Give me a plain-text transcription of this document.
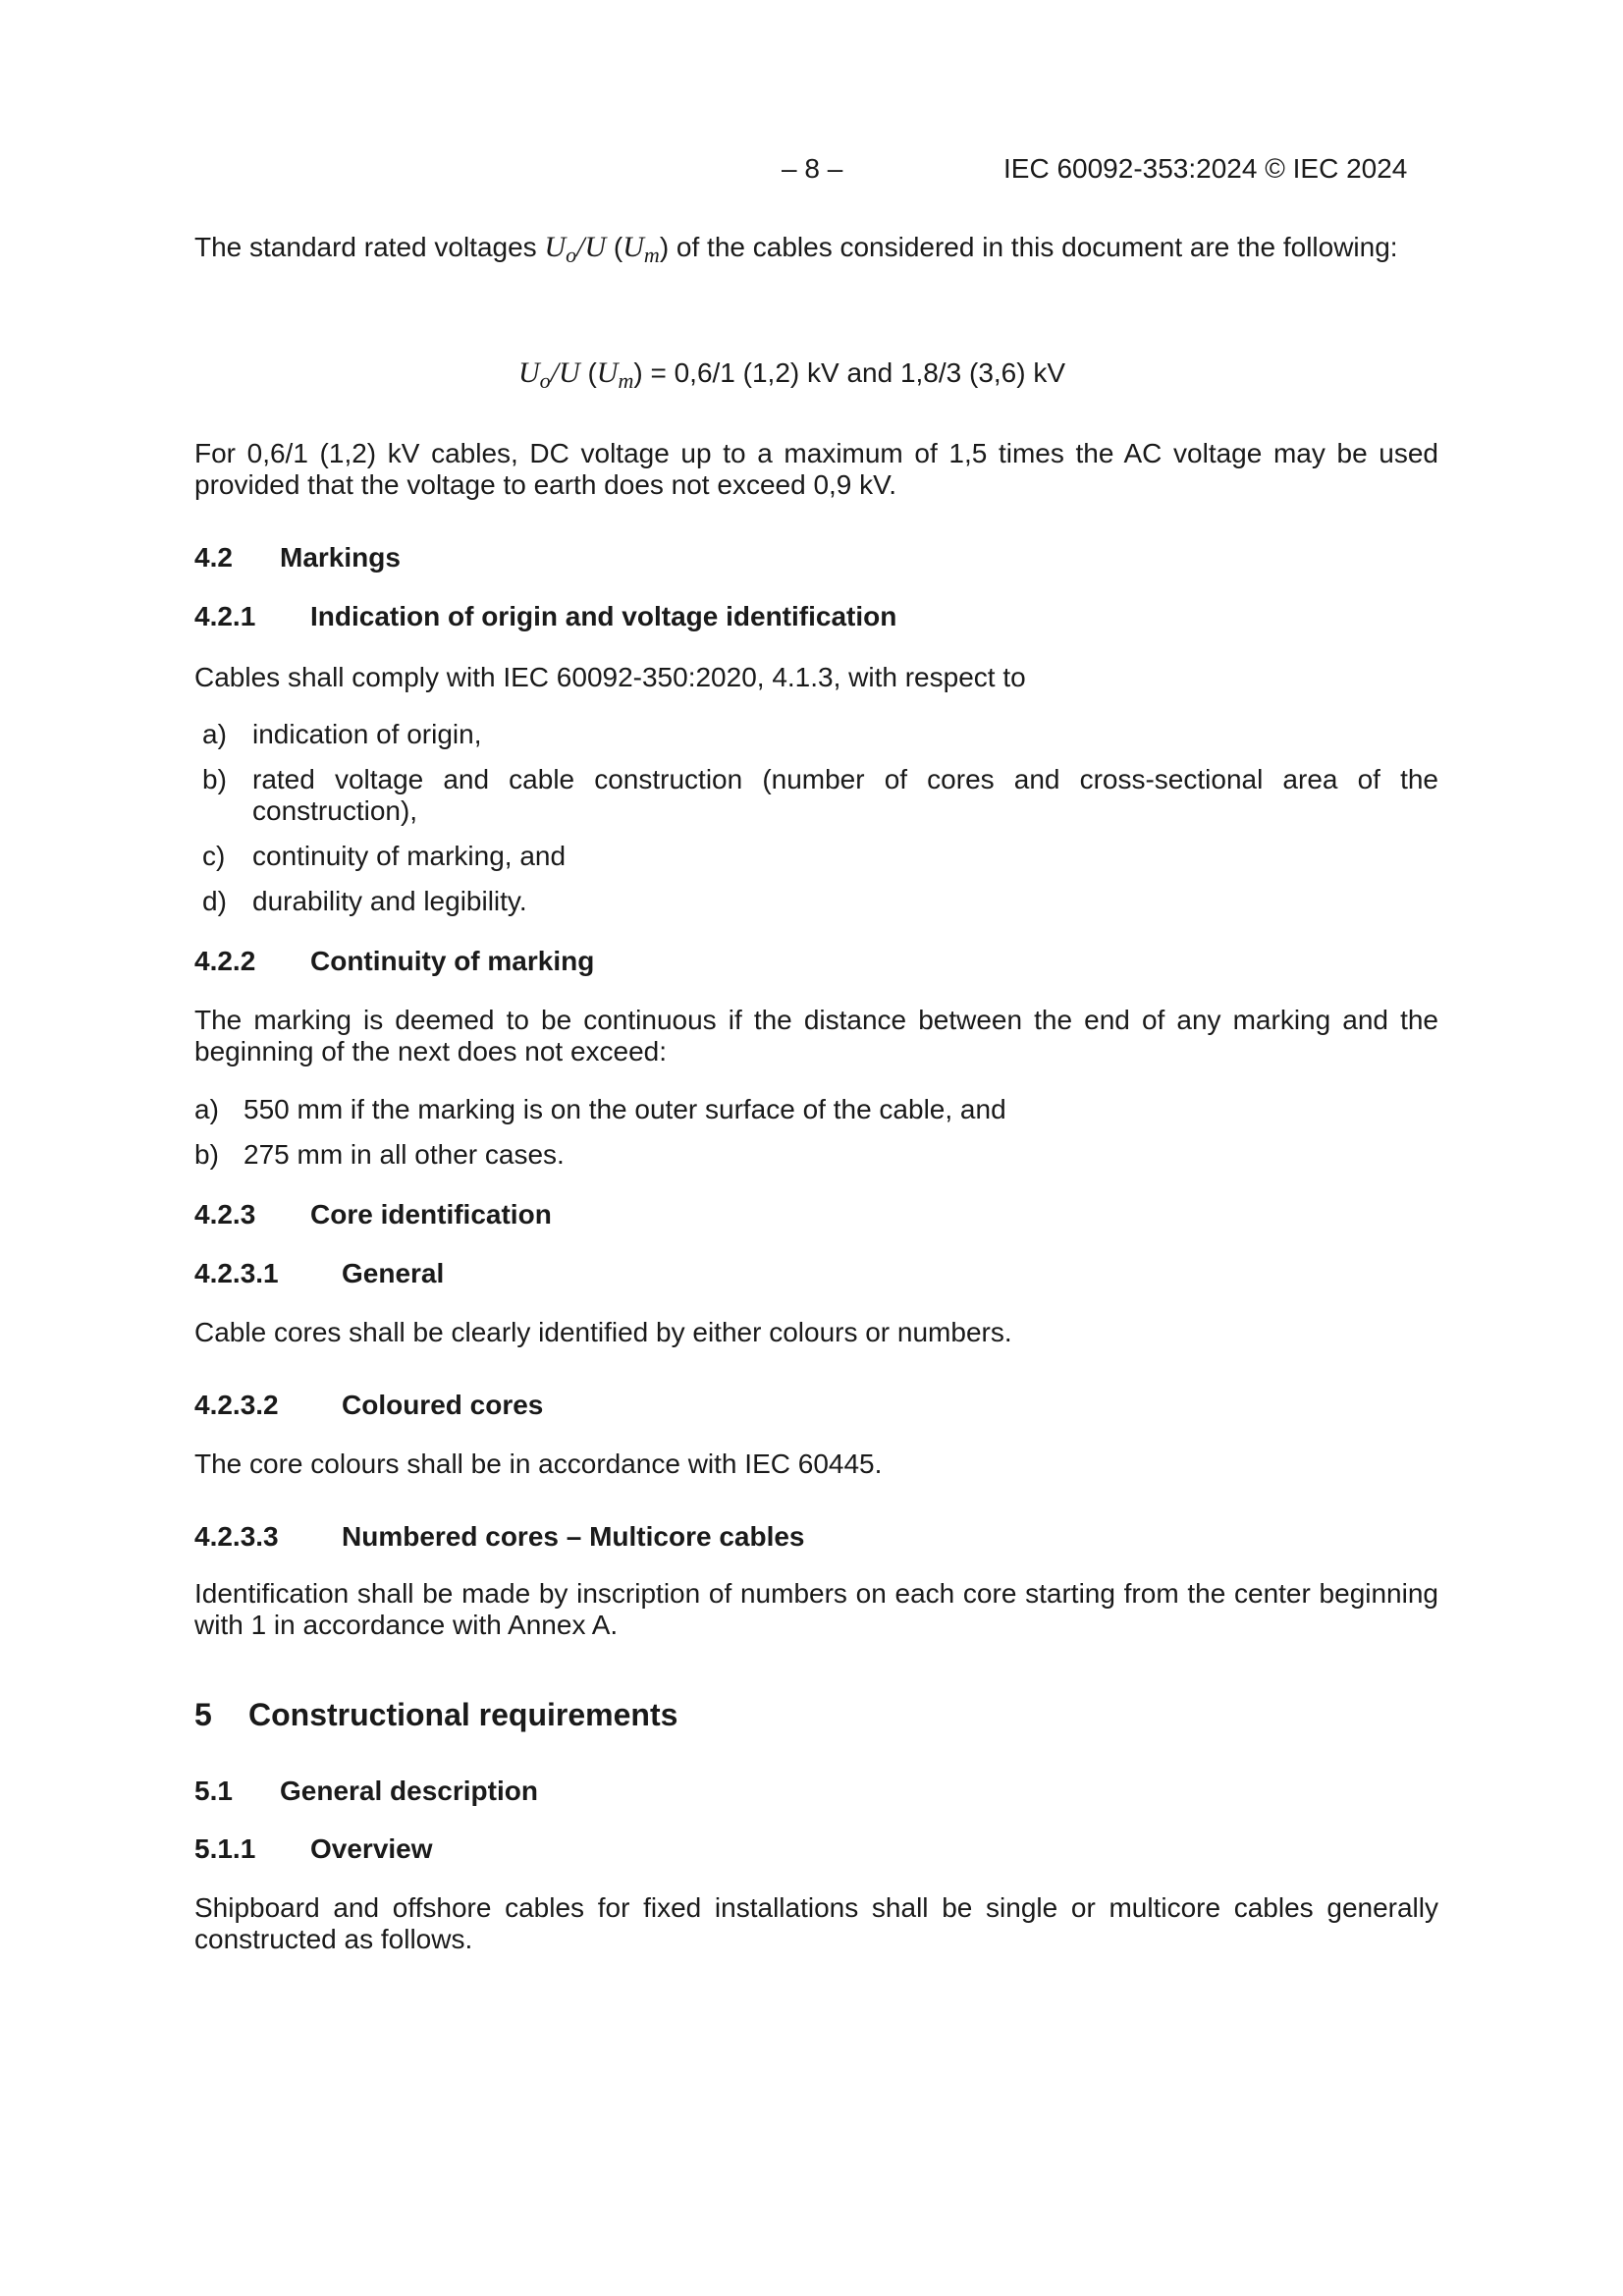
– 8 –	IEC 60092-353:2024 © IEC 2024

The standard rated voltages $U_o/U$ $(U_m)$ of the cables considered in this document are the following:

$U_o/U$ $(U_m) = 0,6/1$ (1,2) kV and 1,8/3 (3,6) kV

For 0,6/1 (1,2) kV cables, DC voltage up to a maximum of 1,5 times the AC voltage may be used provided that the voltage to earth does not exceed 0,9 kV.

4.2 Markings
4.2.1 Indication of origin and voltage identification
Cables shall comply with IEC 60092-350:2020, 4.1.3, with respect to
a) indication of origin,
b) rated voltage and cable construction (number of cores and cross-sectional area of the construction),
c) continuity of marking, and
d) durability and legibility.
4.2.2 Continuity of marking

The marking is deemed to be continuous if the distance between the end of any marking and the beginning of the next does not exceed:

a) 550 mm if the marking is on the outer surface of the cable, and
b) 275 mm in all other cases.
4.2.3 Core identification
4.2.3.1 General
Cable cores shall be clearly identified by either colours or numbers.
4.2.3.2 Coloured cores
The core colours shall be in accordance with IEC 60445.
4.2.3.3 Numbered cores – Multicore cables

Identification shall be made by inscription of numbers on each core starting from the center beginning with 1 in accordance with Annex A.

5 Constructional requirements
5.1 General description
5.1.1 Overview

Shipboard and offshore cables for fixed installations shall be single or multicore cables generally constructed as follows.
